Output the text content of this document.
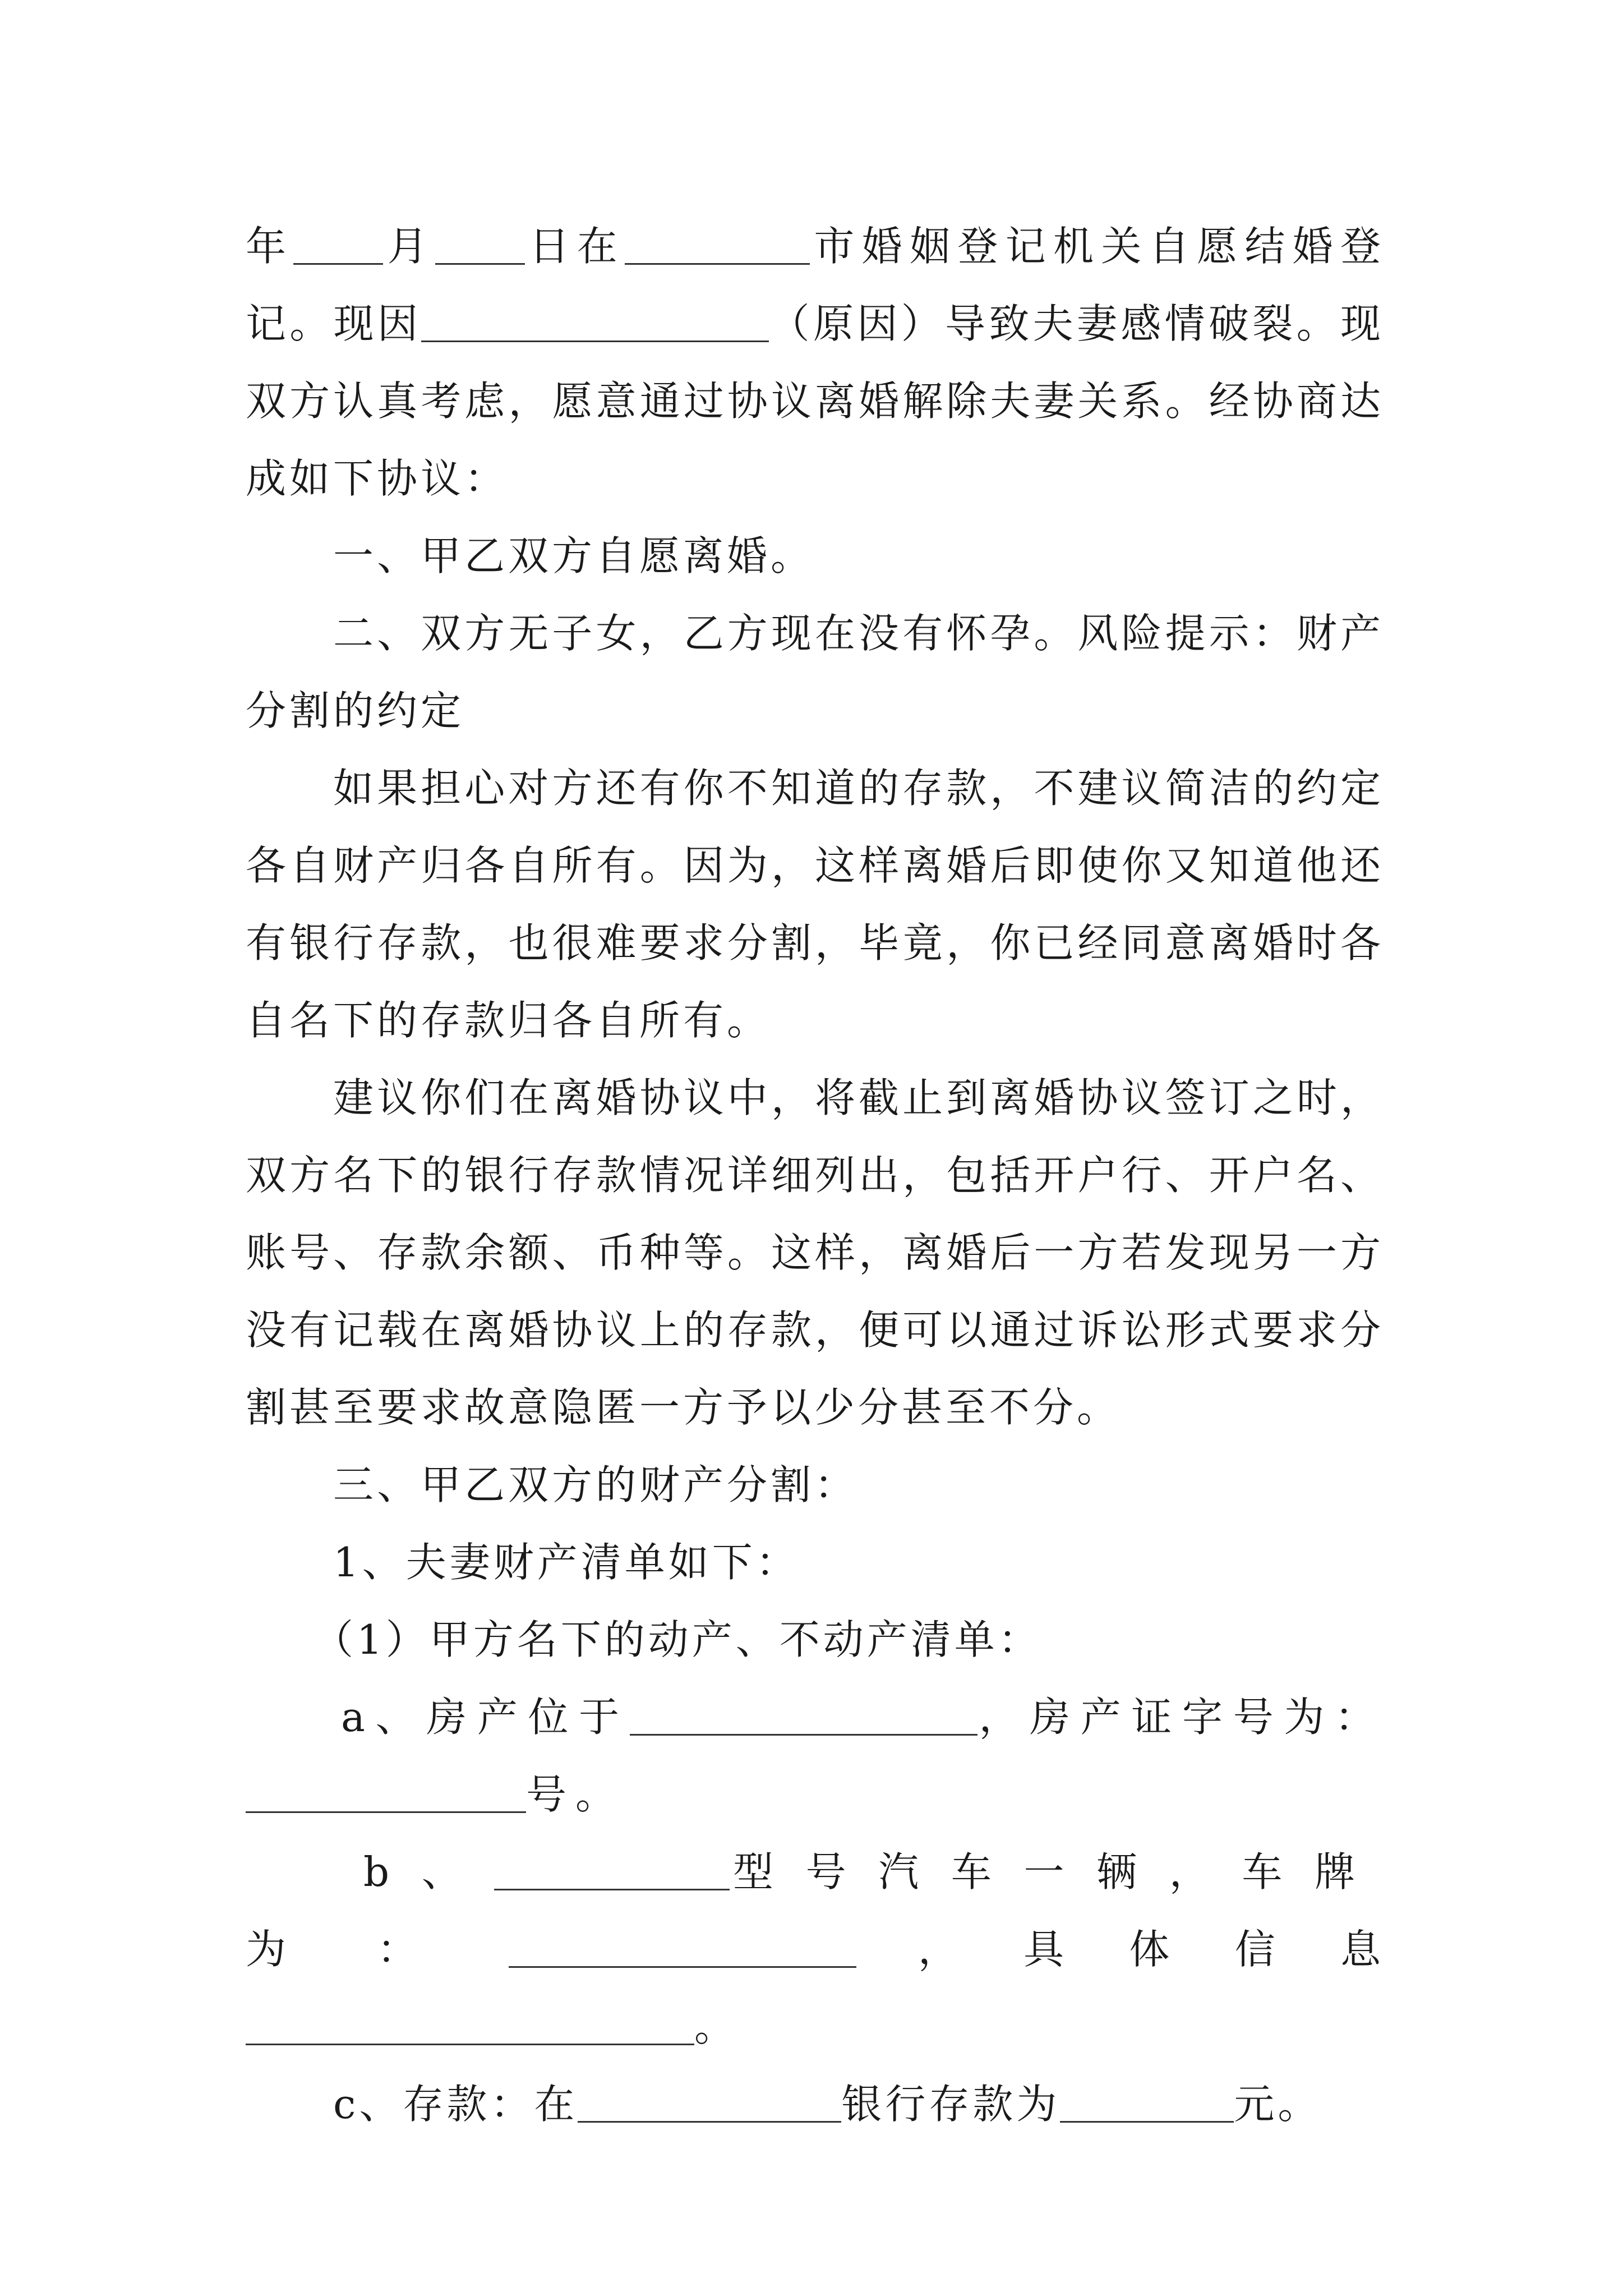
年 月 日在	市婚姻登记机关自愿结婚登记。现因	（原因）导致夫妻感情破裂。现双方认真考虑，愿意通过协议离婚解除夫妻关系。经协商达成如下协议：

一、甲乙双方自愿离婚。

二、双方无子女，乙方现在没有怀孕。风险提示：财产分割的约定

如果担心对方还有你不知道的存款，不建议简洁的约定各自财产归各自所有。因为，这样离婚后即使你又知道他还有银行存款，也很难要求分割，毕竟，你已经同意离婚时各自名下的存款归各自所有。

建议你们在离婚协议中，将截止到离婚协议签订之时，双方名下的银行存款情况详细列出，包括开户行、开户名、账号、存款余额、币种等。这样，离婚后一方若发现另一方没有记载在离婚协议上的存款，便可以通过诉讼形式要求分割甚至要求故意隐匿一方予以少分甚至不分。

三、甲乙双方的财产分割：

1、夫妻财产清单如下：

（1）甲方名下的动产、不动产清单：

a、房产位于	，房产证字号为：号。

b、	型号汽车一辆，车牌为：	，具体信息。

c、存款：在	银行存款为	元。
